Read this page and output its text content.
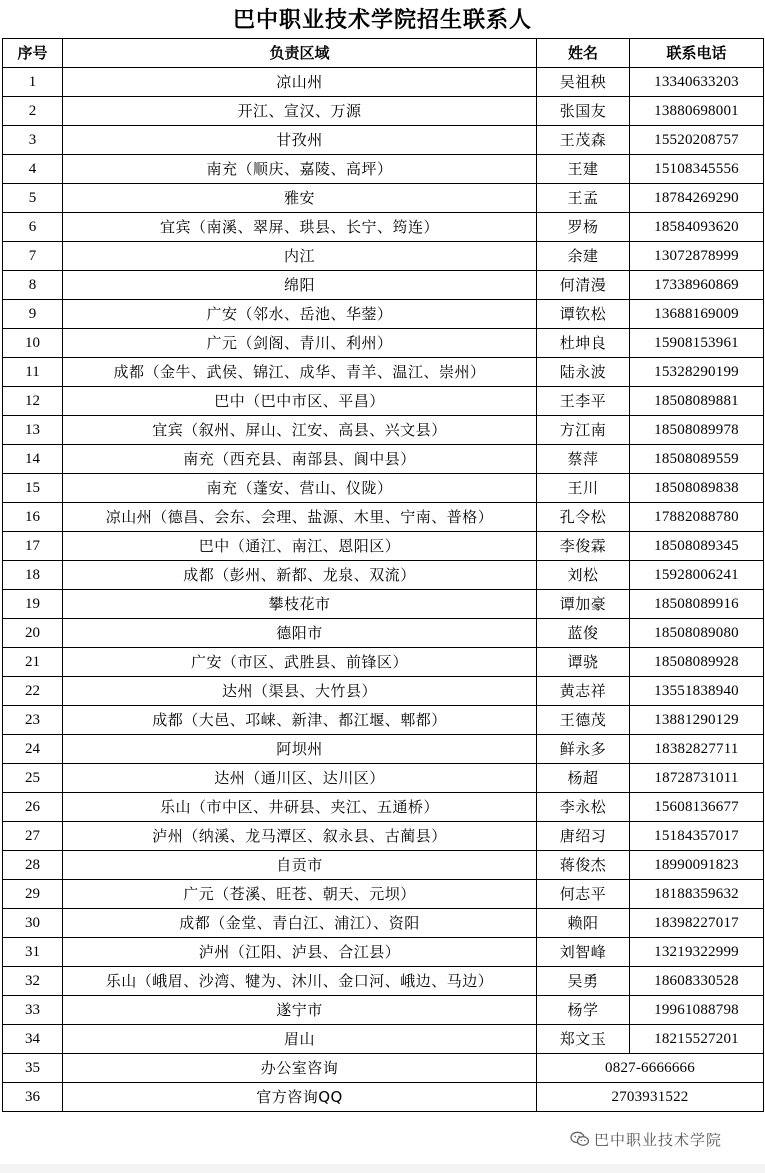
巴中职业技术学院招生联系人
序号	负责区域	姓名	联系电话
1	凉山州	吴祖秧	13340633203
2	开江、宣汉、万源	张国友	13880698001
3	甘孜州	王茂森	15520208757
4	南充（顺庆、嘉陵、高坪）	王建	15108345556
5	雅安	王孟	18784269290
6	宜宾（南溪、翠屏、珙县、长宁、筠连）	罗杨	18584093620
7	内江	余建	13072878999
8	绵阳	何清漫	17338960869
9	广安（邻水、岳池、华蓥）	谭钦松	13688169009
10	广元（剑阁、青川、利州）	杜坤良	15908153961
11	成都（金牛、武侯、锦江、成华、青羊、温江、崇州）	陆永波	15328290199
12	巴中（巴中市区、平昌）	王李平	18508089881
13	宜宾（叙州、屏山、江安、高县、兴文县）	方江南	18508089978
14	南充（西充县、南部县、阆中县）	蔡萍	18508089559
15	南充（蓬安、营山、仪陇）	王川	18508089838
16	凉山州（德昌、会东、会理、盐源、木里、宁南、普格）	孔令松	17882088780
17	巴中（通江、南江、恩阳区）	李俊霖	18508089345
18	成都（彭州、新都、龙泉、双流）	刘松	15928006241
19	攀枝花市	谭加豪	18508089916
20	德阳市	蓝俊	18508089080
21	广安（市区、武胜县、前锋区）	谭骁	18508089928
22	达州（渠县、大竹县）	黄志祥	13551838940
23	成都（大邑、邛崃、新津、都江堰、郫都）	王德茂	13881290129
24	阿坝州	鲜永多	18382827711
25	达州（通川区、达川区）	杨超	18728731011
26	乐山（市中区、井研县、夹江、五通桥）	李永松	15608136677
27	泸州（纳溪、龙马潭区、叙永县、古蔺县）	唐绍习	15184357017
28	自贡市	蒋俊杰	18990091823
29	广元（苍溪、旺苍、朝天、元坝）	何志平	18188359632
30	成都（金堂、青白江、浦江）、资阳	赖阳	18398227017
31	泸州（江阳、泸县、合江县）	刘智峰	13219322999
32	乐山（峨眉、沙湾、犍为、沐川、金口河、峨边、马边）	吴勇	18608330528
33	遂宁市	杨学	19961088798
34	眉山	郑文玉	18215527201
35	办公室咨询	0827-6666666	
36	官方咨询QQ	2703931522	
巴中职业技术学院
